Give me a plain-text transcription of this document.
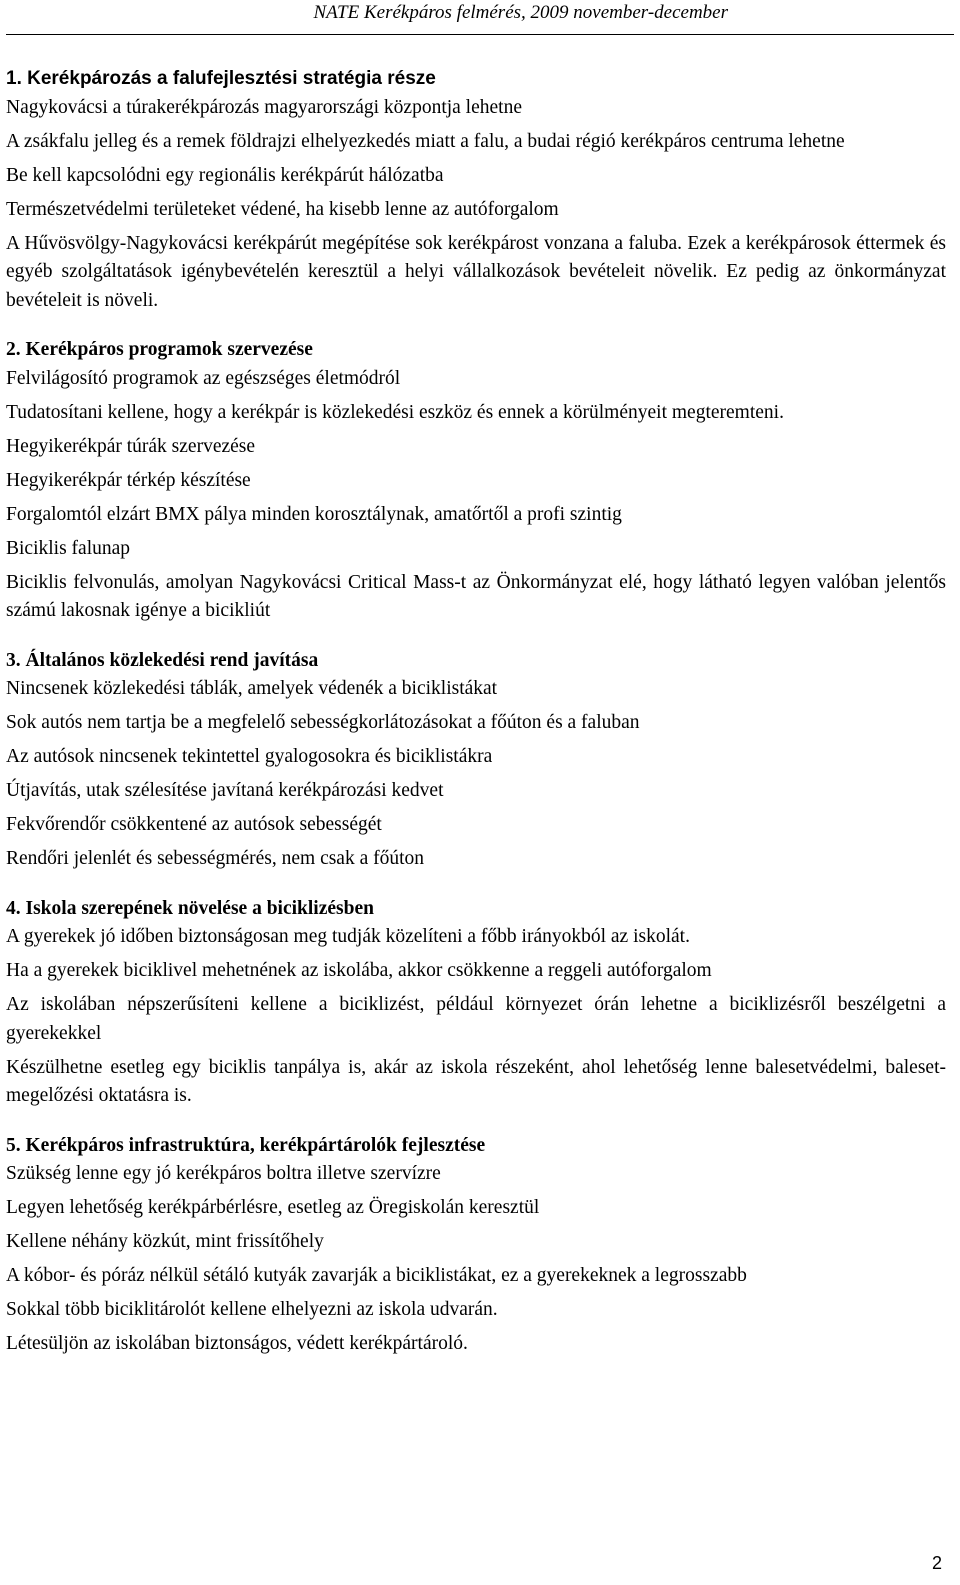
NATE Kerékpáros felmérés, 2009 november-december
1. Kerékpározás a falufejlesztési stratégia része
Nagykovácsi a túrakerékpározás magyarországi központja lehetne
A zsákfalu jelleg és a remek földrajzi elhelyezkedés miatt a falu, a budai régió kerékpáros centruma lehetne
Be kell kapcsolódni egy regionális kerékpárút hálózatba
Természetvédelmi területeket védené, ha kisebb lenne az autóforgalom
A Hűvösvölgy-Nagykovácsi kerékpárút megépítése sok kerékpárost vonzana a faluba. Ezek a kerékpárosok éttermek és egyéb szolgáltatások igénybevételén keresztül a helyi vállalkozások bevételeit növelik. Ez pedig az önkormányzat bevételeit is növeli.
2. Kerékpáros programok szervezése
Felvilágosító programok az egészséges életmódról
Tudatosítani kellene, hogy a kerékpár is közlekedési eszköz és ennek a körülményeit megteremteni.
Hegyikerékpár túrák szervezése
Hegyikerékpár térkép készítése
Forgalomtól elzárt BMX pálya minden korosztálynak, amatőrtől a profi szintig
Biciklis falunap
Biciklis felvonulás, amolyan Nagykovácsi Critical Mass-t az Önkormányzat elé, hogy látható legyen valóban jelentős számú lakosnak igénye a bicikliút
3. Általános közlekedési rend javítása
Nincsenek közlekedési táblák, amelyek védenék a biciklistákat
Sok autós nem tartja be a megfelelő sebességkorlátozásokat a főúton és a faluban
Az autósok nincsenek tekintettel gyalogosokra és biciklistákra
Útjavítás, utak szélesítése javítaná kerékpározási kedvet
Fekvőrendőr csökkentené az autósok sebességét
Rendőri jelenlét és sebességmérés, nem csak a főúton
4. Iskola szerepének növelése a biciklizésben
A gyerekek jó időben biztonságosan meg tudják közelíteni a főbb irányokból az iskolát.
Ha a gyerekek biciklivel mehetnének az iskolába, akkor csökkenne a reggeli autóforgalom
Az iskolában népszerűsíteni kellene a biciklizést, például környezet órán lehetne a biciklizésről beszélgetni a gyerekekkel
Készülhetne esetleg egy biciklis tanpálya is, akár az iskola részeként, ahol lehetőség lenne balesetvédelmi, baleset-megelőzési oktatásra is.
5. Kerékpáros infrastruktúra, kerékpártárolók fejlesztése
Szükség lenne egy jó kerékpáros boltra illetve szervízre
Legyen lehetőség kerékpárbérlésre, esetleg az Öregiskolán keresztül
Kellene néhány közkút, mint frissítőhely
A kóbor- és póráz nélkül sétáló kutyák zavarják a biciklistákat, ez a gyerekeknek a legrosszabb
Sokkal több biciklitárolót kellene elhelyezni az iskola udvarán.
Létesüljön az iskolában biztonságos, védett kerékpártároló.
2
